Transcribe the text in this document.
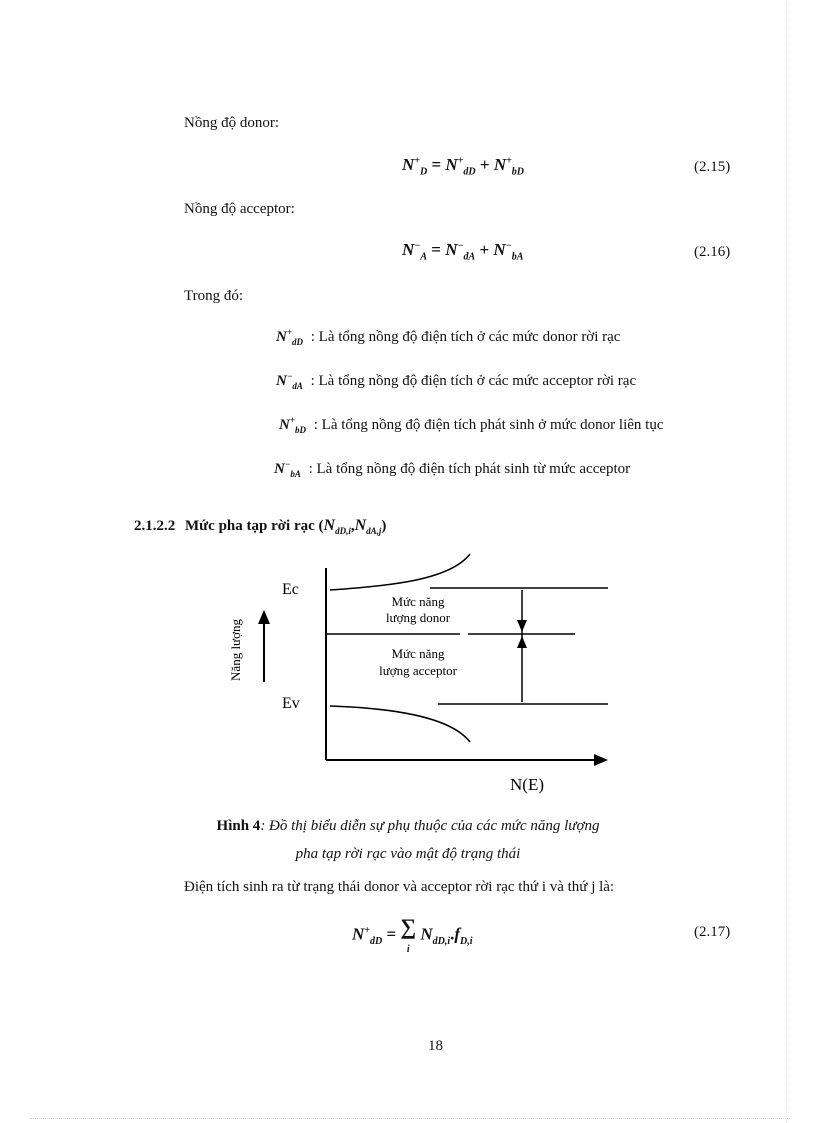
Nồng độ donor:
$N^+_D = N^+_{dD} + N^+_{bD}$	(2.15)
Nồng độ acceptor:
$N^-_A = N^-_{dA} + N^-_{bA}$	(2.16)
Trong đó:
$N^+_{dD}$ : Là tổng nồng độ điện tích ở các mức donor rời rạc
$N^-_{dA}$ : Là tổng nồng độ điện tích ở các mức acceptor rời rạc
$N^+_{bD}$ : Là tổng nồng độ điện tích phát sinh ở mức donor liên tục
$N^-_{bA}$ : Là tổng nồng độ điện tích phát sinh từ mức acceptor
2.1.2.2 Mức pha tạp rời rạc $(N_{dD,i},N_{dA,j})$
Ec
Ev
Năng lượng
N(E)
Mức năng
lượng donor
Mức năng
lượng acceptor
Hình 4: Đồ thị biểu diễn sự phụ thuộc của các mức năng lượng
pha tạp rời rạc vào mật độ trạng thái
Điện tích sinh ra từ trạng thái donor và acceptor rời rạc thứ i và thứ j là:
$N^+_{dD}$ = ∑
i $N_{dD,i}.f_{D,i}$
(2.17)
18
